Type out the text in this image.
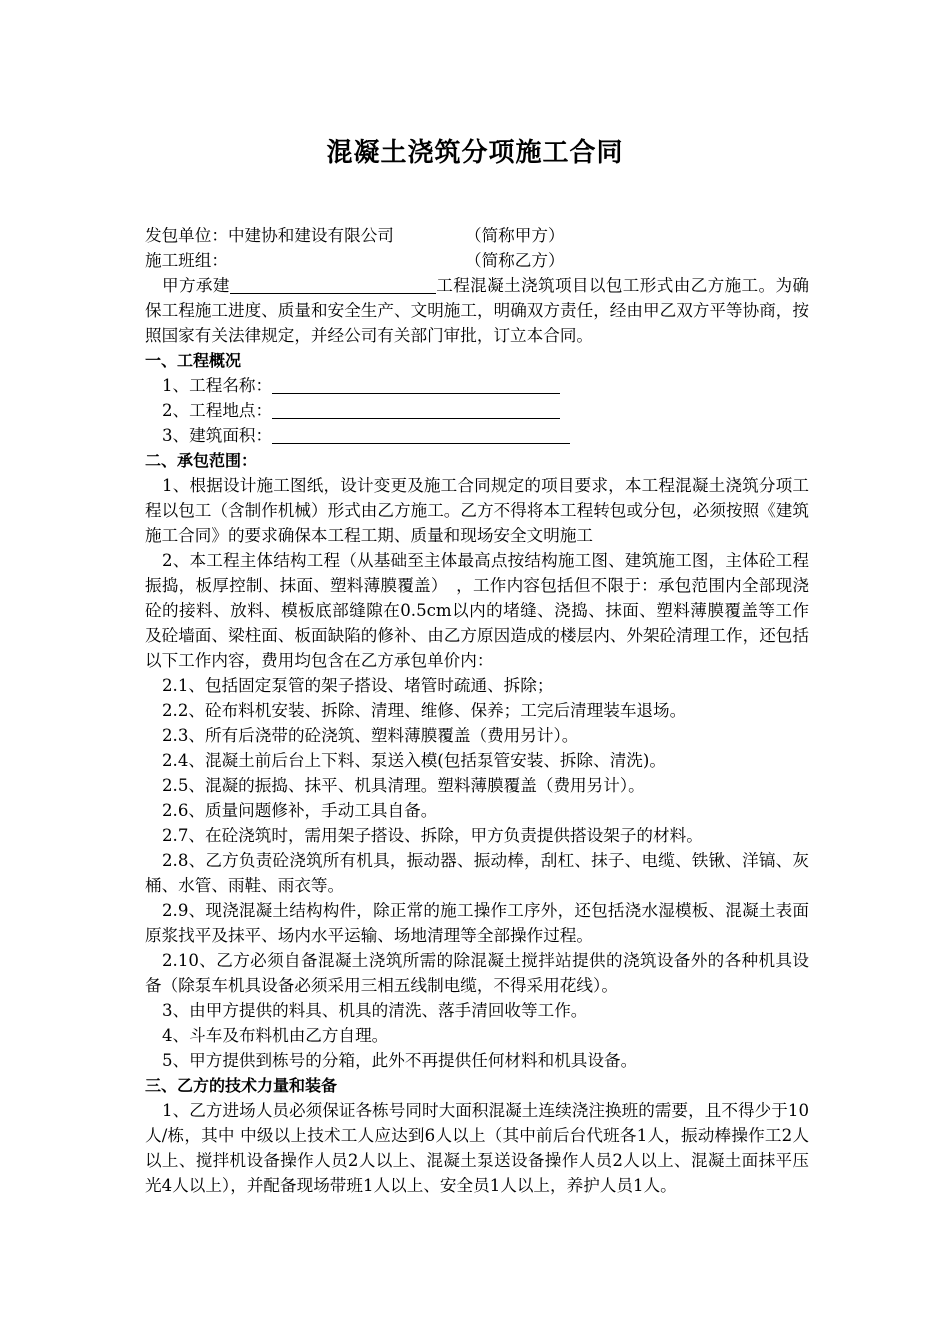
混凝土浇筑分项施工合同
发包单位：中建协和建设有限公司	（简称甲方）
施工班组：	（简称乙方）
甲方承建	工程混凝土浇筑项目以包工形式由乙方施工。为确保工程施工进度、质量和安全生产、文明施工，明确双方责任，经由甲乙双方平等协商，按照国家有关法律规定，并经公司有关部门审批，订立本合同。
一、工程概况
1、工程名称：
2、工程地点：
3、建筑面积：
二、承包范围：
1、根据设计施工图纸，设计变更及施工合同规定的项目要求，本工程混凝土浇筑分项工程以包工（含制作机械）形式由乙方施工。乙方不得将本工程转包或分包，必须按照《建筑施工合同》的要求确保本工程工期、质量和现场安全文明施工
2、本工程主体结构工程（从基础至主体最高点按结构施工图、建筑施工图，主体砼工程振捣，板厚控制、抹面、塑料薄膜覆盖）　，工作内容包括但不限于：承包范围内全部现浇砼的接料、放料、模板底部缝隙在0.5cm以内的堵缝、浇捣、抹面、塑料薄膜覆盖等工作及砼墙面、梁柱面、板面缺陷的修补、由乙方原因造成的楼层内、外架砼清理工作，还包括以下工作内容，费用均包含在乙方承包单价内：
2.1、包括固定泵管的架子搭设、堵管时疏通、拆除；
2.2、砼布料机安装、拆除、清理、维修、保养；工完后清理装车退场。
2.3、所有后浇带的砼浇筑、塑料薄膜覆盖（费用另计）。
2.4、混凝土前后台上下料、泵送入模(包括泵管安装、拆除、清洗)。
2.5、混凝的振捣、抹平、机具清理。塑料薄膜覆盖（费用另计）。
2.6、质量问题修补，手动工具自备。
2.7、在砼浇筑时，需用架子搭设、拆除，甲方负责提供搭设架子的材料。
2.8、乙方负责砼浇筑所有机具，振动器、振动棒，刮杠、抹子、电缆、铁锹、洋镐、灰桶、水管、雨鞋、雨衣等。
2.9、现浇混凝土结构构件，除正常的施工操作工序外，还包括浇水湿模板、混凝土表面原浆找平及抹平、场内水平运输、场地清理等全部操作过程。
2.10、乙方必须自备混凝土浇筑所需的除混凝土搅拌站提供的浇筑设备外的各种机具设备（除泵车机具设备必须采用三相五线制电缆，不得采用花线）。
3、由甲方提供的料具、机具的清洗、落手清回收等工作。
4、斗车及布料机由乙方自理。
5、甲方提供到栋号的分箱，此外不再提供任何材料和机具设备。
三、乙方的技术力量和装备
1、乙方进场人员必须保证各栋号同时大面积混凝土连续浇注换班的需要，且不得少于10人/栋，其中 中级以上技术工人应达到6人以上（其中前后台代班各1人，振动棒操作工2人以上、搅拌机设备操作人员2人以上、混凝土泵送设备操作人员2人以上、混凝土面抹平压光4人以上），并配备现场带班1人以上、安全员1人以上，养护人员1人。
